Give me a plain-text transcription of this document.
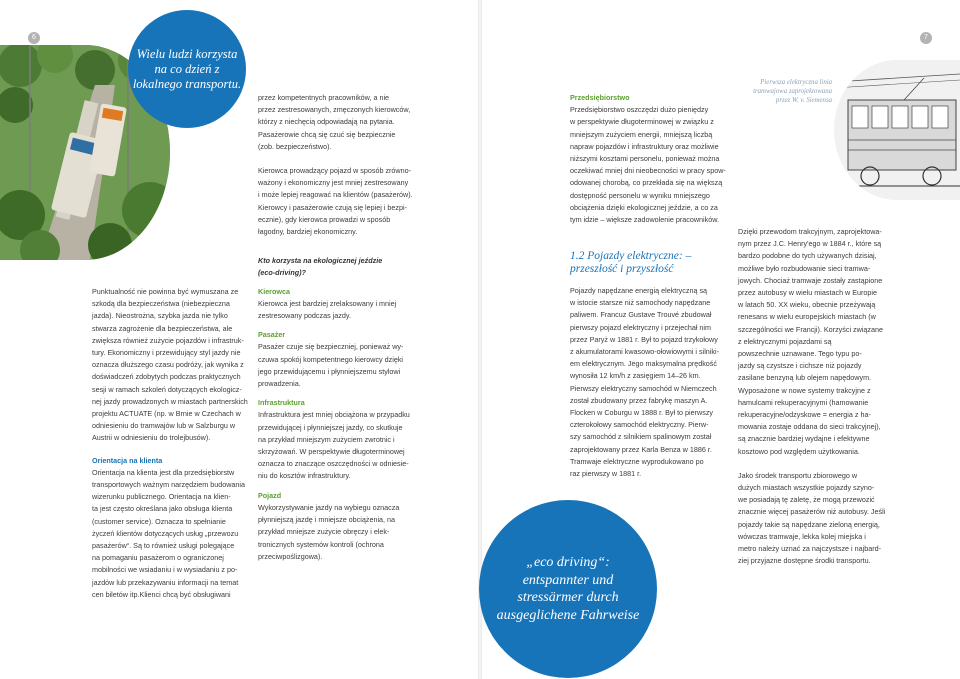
6	7
Wielu ludzi korzysta na co dzień z lokalnego transportu.

Punktualność nie powinna być wymuszana ze
szkodą dla bezpieczeństwa (niebezpieczna
jazda). Nieostrożna, szybka jazda nie tylko
stwarza zagrożenie dla bezpieczeństwa, ale
zwiększa również zużycie pojazdów i infrastruk-
tury. Ekonomiczny i przewidujący styl jazdy nie
oznacza dłuższego czasu podróży, jak wynika z
doświadczeń zdobytych podczas praktycznych
sesji w ramach szkoleń dotyczących ekologicz-
nej jazdy prowadzonych w miastach partnerskich
projektu ACTUATE (np. w Brnie w Czechach w
odniesieniu do tramwajów lub w Salzburgu w
Austrii w odniesieniu do trolejbusów).

Orientacja na klienta

Orientacja na klienta jest dla przedsiębiorstw
transportowych ważnym narzędziem budowania
wizerunku publicznego. Orientacja na klien-
ta jest często określana jako obsługa klienta
(customer service). Oznacza to spełnianie
życzeń klientów dotyczących usług „przewozu
pasażerów“. Są to również usługi polegające
na pomaganiu pasażerom o ograniczonej
mobilności we wsiadaniu i w wysiadaniu z po-
jazdów lub przekazywaniu informacji na temat
cen biletów itp.Klienci chcą być obsługiwani

przez kompetentnych pracowników, a nie
przez zestresowanych, zmęczonych kierowców,
którzy z niechęcią odpowiadają na pytania.
Pasażerowie chcą się czuć się bezpiecznie
(zob. bezpieczeństwo).

Kierowca prowadzący pojazd w sposób zrówno-
ważony i ekonomiczny jest mniej zestresowany
i może lepiej reagować na klientów (pasażerów).
Kierowcy i pasażerowie czują się lepiej i bezpi-
ecznie), gdy kierowca prowadzi w sposób
łagodny, bardziej ekonomiczny.

Kto korzysta na ekologicznej jeździe
(eco-driving)?

Kierowca

Kierowca jest bardziej zrelaksowany i mniej
zestresowany podczas jazdy.

Pasażer

Pasażer czuje się bezpieczniej, ponieważ wy-
czuwa spokój kompetentnego kierowcy dzięki
jego przewidującemu i płynniejszemu stylowi
prowadzenia.

Infrastruktura

Infrastruktura jest mniej obciążona w przypadku
przewidującej i płynniejszej jazdy, co skutkuje
na przykład mniejszym zużyciem zwrotnic i
skrzyżowań. W perspektywie długoterminowej
oznacza to znaczące oszczędności w odniesie-
niu do kosztów infrastruktury.

Pojazd

Wykorzystywanie jazdy na wybiegu oznacza
płynniejszą jazdę i mniejsze obciążenia, na
przykład mniejsze zużycie obręczy i elek-
tronicznych systemów kontroli (ochrona
przeciwpoślizgowa).

Przedsiębiorstwo

Przedsiębiorstwo oszczędzi dużo pieniędzy
w perspektywie długoterminowej w związku z
mniejszym zużyciem energii, mniejszą liczbą
napraw pojazdów i infrastruktury oraz możliwie
niższymi kosztami personelu, ponieważ można
oczekiwać mniej dni nieobecności w pracy spow-
odowanej chorobą, co przekłada się na większą
dostępność personelu w wyniku mniejszego
obciążenia dzięki ekologicznej jeździe, a co za
tym idzie – większe zadowolenie pracowników.

1.2 Pojazdy elektryczne: – przeszłość i przyszłość

Pojazdy napędzane energią elektryczną są
w istocie starsze niż samochody napędzane
paliwem. Francuz Gustave Trouvé zbudował
pierwszy pojazd elektryczny i przejechał nim
przez Paryż w 1881 r. Był to pojazd trzykołowy
z akumulatorami kwasowo-ołowiowymi i silniki-
em elektrycznym. Jego maksymalna prędkość
wynosiła 12 km/h z zasięgiem 14–26 km.
Pierwszy elektryczny samochód w Niemczech
został zbudowany przez fabrykę maszyn A.
Flocken w Coburgu w 1888 r. Był to pierwszy
czterokołowy samochód elektryczny. Pierw-
szy samochód z silnikiem spalinowym został
zaprojektowany przez Karla Benza w 1886 r.
Tramwaje elektryczne wyprodukowano po
raz pierwszy w 1881 r.

„eco driving“: entspannter und stressärmer durch ausgeglichene Fahrweise
Pierwsza elektryczna linia tramwajowa zaprojektowana przez W. v. Siemensa

Dzięki przewodom trakcyjnym, zaprojektowa-
nym przez J.C. Henry'ego w 1884 r., które są
bardzo podobne do tych używanych dzisiaj,
możliwe było rozbudowanie sieci tramwa-
jowych. Chociaż tramwaje zostały zastąpione
przez autobusy w wielu miastach w Europie
w latach 50. XX wieku, obecnie przeżywają
renesans w wielu europejskich miastach (w
szczególności we Francji). Korzyści związane
z elektrycznymi pojazdami są
powszechnie uznawane. Tego typu po-
jazdy są czystsze i cichsze niż pojazdy
zasilane benzyną lub olejem napędowym.
Wyposażone w nowe systemy trakcyjne z
hamulcami rekuperacyjnymi (hamowanie
rekuperacyjne/odzyskowe = energia z ha-
mowania zostaje oddana do sieci trakcyjnej),
są znacznie bardziej wydajne i efektywne
kosztowo pod względem użytkowania.

Jako środek transportu zbiorowego w
dużych miastach wszystkie pojazdy szyno-
we posiadają tę zaletę, że mogą przewozić
znacznie więcej pasażerów niż autobusy. Jeśli
pojazdy takie są napędzane zieloną energią,
wówczas tramwaje, lekka kolej miejska i
metro należy uznać za najczystsze i najbard-
ziej przyjazne dostępne środki transportu.
